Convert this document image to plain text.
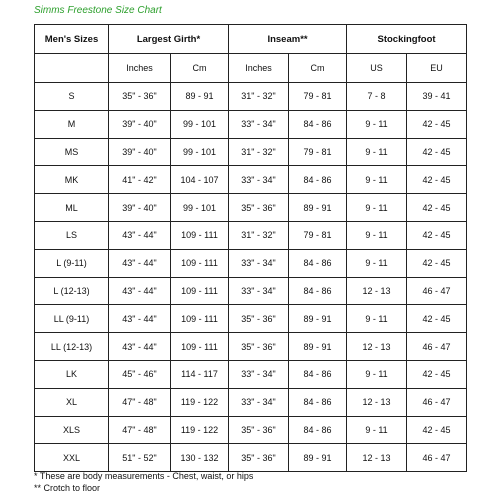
Simms Freestone Size Chart
Men's Sizes	Largest Girth*		Inseam**		Stockingfoot	
	Inches	Cm	Inches	Cm	US	EU
S	35" - 36"	89 - 91	31" - 32"	79 - 81	7 - 8	39 - 41
M	39" - 40"	99 - 101	33" - 34"	84 - 86	9 - 11	42 - 45
MS	39" - 40"	99 - 101	31" - 32"	79 - 81	9 - 11	42 - 45
MK	41" - 42"	104 - 107	33" - 34"	84 - 86	9 - 11	42 - 45
ML	39" - 40"	99 - 101	35" - 36"	89 - 91	9 - 11	42 - 45
LS	43" - 44"	109 - 111	31" - 32"	79 - 81	9 - 11	42 - 45
L (9-11)	43" - 44"	109 - 111	33" - 34"	84 - 86	9 - 11	42 - 45
L (12-13)	43" - 44"	109 - 111	33" - 34"	84 - 86	12 - 13	46 - 47
LL (9-11)	43" - 44"	109 - 111	35" - 36"	89 - 91	9 - 11	42 - 45
LL (12-13)	43" - 44"	109 - 111	35" - 36"	89 - 91	12 - 13	46 - 47
LK	45" - 46"	114 - 117	33" - 34"	84 - 86	9 - 11	42 - 45
XL	47" - 48"	119 - 122	33" - 34"	84 - 86	12 - 13	46 - 47
XLS	47" - 48"	119 - 122	35" - 36"	84 - 86	9 - 11	42 - 45
XXL	51" - 52"	130 - 132	35" - 36"	89 - 91	12 - 13	46 - 47
* These are body measurements - Chest, waist, or hips
** Crotch to floor
